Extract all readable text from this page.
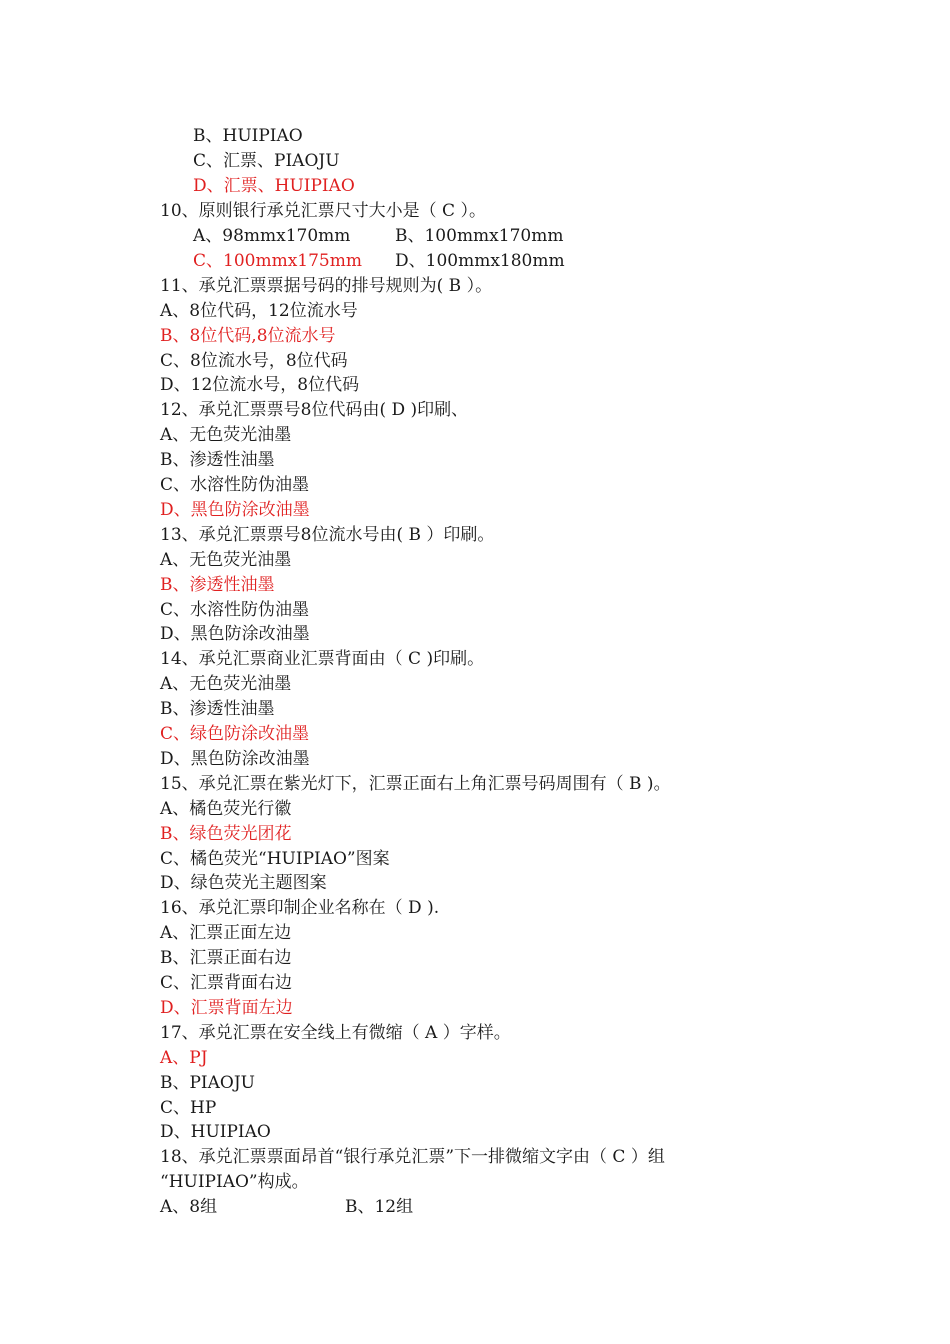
B、HUIPIAO
C、汇票、PIAOJU
D、汇票、HUIPIAO
10、原则银行承兑汇票尺寸大小是（ C ）。
A、98mmx170mm	B、100mmx170mm
C、100mmx175mm D、100mmx180mm
11、承兑汇票票据号码的排号规则为( B ）。
A、8位代码，12位流水号
B、8位代码,8位流水号
C、8位流水号，8位代码
D、12位流水号，8位代码
12、承兑汇票票号8位代码由( D )印刷、
A、无色荧光油墨
B、渗透性油墨
C、水溶性防伪油墨
D、黑色防涂改油墨
13、承兑汇票票号8位流水号由( B ）印刷。
A、无色荧光油墨
B、渗透性油墨
C、水溶性防伪油墨
D、黑色防涂改油墨
14、承兑汇票商业汇票背面由（ C )印刷。
A、无色荧光油墨
B、渗透性油墨
C、绿色防涂改油墨
D、黑色防涂改油墨
15、承兑汇票在紫光灯下，汇票正面右上角汇票号码周围有（ B )。
A、橘色荧光行徽
B、绿色荧光团花
C、橘色荧光“HUIPIAO”图案
D、绿色荧光主题图案
16、承兑汇票印制企业名称在（ D ).
A、汇票正面左边
B、汇票正面右边
C、汇票背面右边
D、汇票背面左边
17、承兑汇票在安全线上有微缩（ A ）字样。
A、PJ
B、PIAOJU
C、HP
D、HUIPIAO
18、承兑汇票票面昂首“银行承兑汇票”下一排微缩文字由（ C ）组
“HUIPIAO”构成。
A、8组	B、12组
